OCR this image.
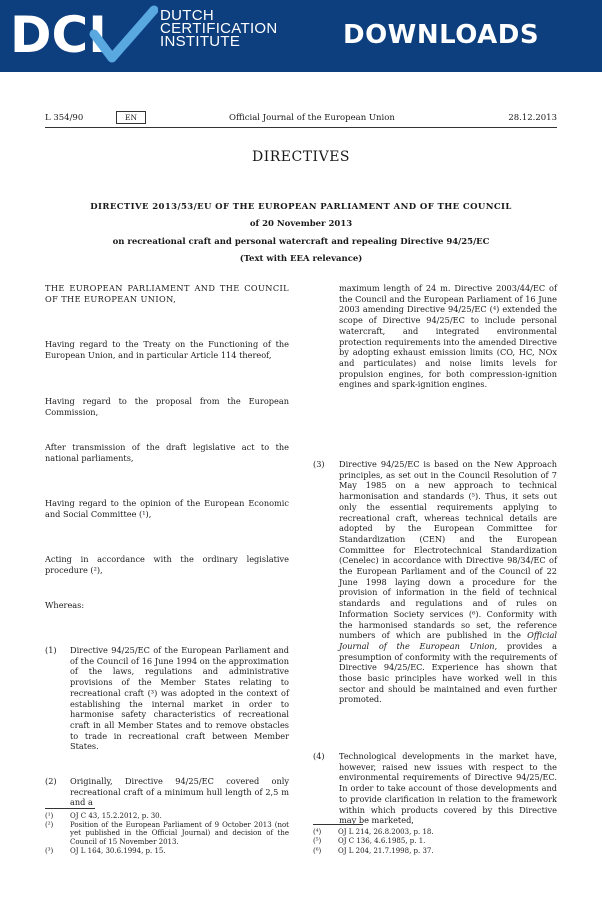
DCI	DUTCH
CERTIFICATION
INSTITUTE	DOWNLOADS
L 354/90	EN	Official Journal of the European Union	28.12.2013
DIRECTIVES
DIRECTIVE 2013/53/EU OF THE EUROPEAN PARLIAMENT AND OF THE COUNCIL
of 20 November 2013
on recreational craft and personal watercraft and repealing Directive 94/25/EC
(Text with EEA relevance)
THE EUROPEAN PARLIAMENT AND THE COUNCIL OF THE EUROPEAN UNION,
Having regard to the Treaty on the Functioning of the European Union, and in particular Article 114 thereof,
Having regard to the proposal from the European Commission,
After transmission of the draft legislative act to the national parliaments,
Having regard to the opinion of the European Economic and Social Committee (¹),
Acting in accordance with the ordinary legislative procedure (²),
Whereas:
(1) Directive 94/25/EC of the European Parliament and of the Council of 16 June 1994 on the approximation of the laws, regulations and administrative provisions of the Member States relating to recreational craft (³) was adopted in the context of establishing the internal market in order to harmonise safety characteristics of recreational craft in all Member States and to remove obstacles to trade in recreational craft between Member States.
(2) Originally, Directive 94/25/EC covered only recreational craft of a minimum hull length of 2,5 m and a
(¹) OJ C 43, 15.2.2012, p. 30.
(²) Position of the European Parliament of 9 October 2013 (not yet published in the Official Journal) and decision of the Council of 15 November 2013.
(³) OJ L 164, 30.6.1994, p. 15.
maximum length of 24 m. Directive 2003/44/EC of the Council and the European Parliament of 16 June 2003 amending Directive 94/25/EC (⁴) extended the scope of Directive 94/25/EC to include personal watercraft, and integrated environmental protection requirements into the amended Directive by adopting exhaust emission limits (CO, HC, NOx and particulates) and noise limits levels for propulsion engines, for both compression-ignition engines and spark-ignition engines.
(3) Directive 94/25/EC is based on the New Approach principles, as set out in the Council Resolution of 7 May 1985 on a new approach to technical harmonisation and standards (⁵). Thus, it sets out only the essential requirements applying to recreational craft, whereas technical details are adopted by the European Committee for Standardization (CEN) and the European Committee for Electrotechnical Standardization (Cenelec) in accordance with Directive 98/34/EC of the European Parliament and of the Council of 22 June 1998 laying down a procedure for the provision of information in the field of technical standards and regulations and of rules on Information Society services (⁶). Conformity with the harmonised standards so set, the reference numbers of which are published in the Official Journal of the European Union, provides a presumption of conformity with the requirements of Directive 94/25/EC. Experience has shown that those basic principles have worked well in this sector and should be maintained and even further promoted.
(4) Technological developments in the market have, however, raised new issues with respect to the environmental requirements of Directive 94/25/EC. In order to take account of those developments and to provide clarification in relation to the framework within which products covered by this Directive may be marketed,
(⁴) OJ L 214, 26.8.2003, p. 18.
(⁵) OJ C 136, 4.6.1985, p. 1.
(⁶) OJ L 204, 21.7.1998, p. 37.
